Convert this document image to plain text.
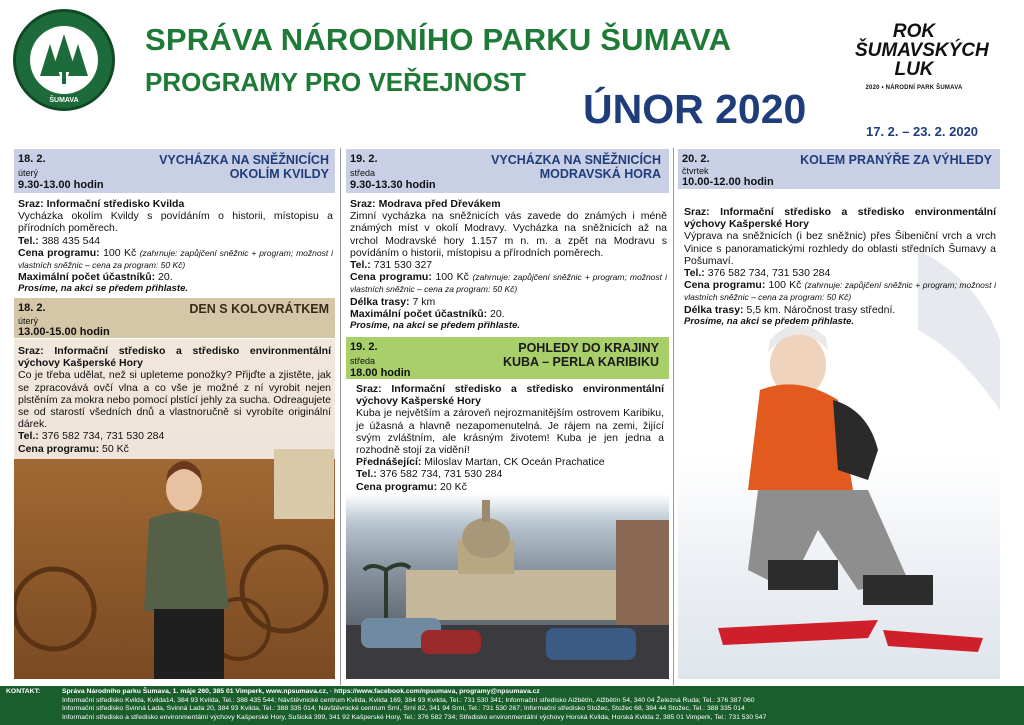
ŠUMAVA
SPRÁVA NÁRODNÍHO PARKU ŠUMAVA
PROGRAMY PRO VEŘEJNOST
ÚNOR 2020
ROK
ŠUMAVSKÝCH
LUK
2020 • NÁRODNÍ PARK ŠUMAVA
17. 2. – 23. 2. 2020
18. 2.
úterý
9.30-13.00 hodin
VYCHÁZKA NA SNĚŽNICÍCH
OKOLÍM KVILDY
Sraz: Informační středisko Kvilda
Vycházka okolím Kvildy s povídáním o historii, místopisu a přírodních poměrech.
Tel.: 388 435 544
Cena programu: 100 Kč (zahrnuje: zapůjčení sněžnic + program; možnost i vlastních sněžnic – cena za program: 50 Kč)
Maximální počet účastníků: 20.
Prosíme, na akci se předem přihlaste.
18. 2.
úterý
13.00-15.00 hodin
DEN S KOLOVRÁTKEM
Sraz: Informační středisko a středisko environmentální výchovy Kašperské Hory
Co je třeba udělat, než si upleteme ponožky? Přijďte a zjistěte, jak se zpracovává ovčí vlna a co vše je možné z ní vyrobit nejen plstěním za mokra nebo pomocí plstící jehly za sucha. Odreagujete se od starostí všedních dnů a vlastnoručně si vyrobíte originální dárek.
Tel.: 376 582 734, 731 530 284
Cena programu: 50 Kč
19. 2.
středa
9.30-13.30 hodin
VYCHÁZKA NA SNĚŽNICÍCH
MODRAVSKÁ HORA
Sraz: Modrava před Dřevákem
Zimní vycházka na sněžnicích vás zavede do známých i méně známých míst v okolí Modravy. Vycházka na sněžnicích až na vrchol Modravské hory 1.157 m n. m. a zpět na Modravu s povídáním o historii, místopisu a přírodních poměrech.
Tel.: 731 530 327
Cena programu: 100 Kč (zahrnuje: zapůjčení sněžnic + program; možnost i vlastních sněžnic – cena za program: 50 Kč)
Délka trasy: 7 km
Maximální počet účastníků: 20.
Prosíme, na akci se předem přihlaste.
19. 2.
středa
18.00 hodin
POHLEDY DO KRAJINY
KUBA – PERLA KARIBIKU
Sraz: Informační středisko a středisko environmentální výchovy Kašperské Hory
Kuba je největším a zároveň nejrozmanitějším ostrovem Karibiku, je úžasná a hlavně nezapomenutelná. Je rájem na zemi, žijící svým zvláštním, ale krásným životem! Kuba je jen jedna a rozhodně stojí za vidění!
Přednášející: Miloslav Martan, CK Oceán Prachatice
Tel.: 376 582 734, 731 530 284
Cena programu: 20 Kč
20. 2.
čtvrtek
10.00-12.00 hodin
KOLEM PRANÝŘE ZA VÝHLEDY
Sraz: Informační středisko a středisko environmentální výchovy Kašperské Hory
Výprava na sněžnicích (i bez sněžnic) přes Šibeniční vrch a vrch Vinice s panoramatickými rozhledy do oblasti středních Šumavy a Pošumaví.
Tel.: 376 582 734, 731 530 284
Cena programu: 100 Kč (zahrnuje: zapůjčení sněžnic + program; možnost i vlastních sněžnic – cena za program: 50 Kč)
Délka trasy: 5,5 km. Náročnost trasy střední.
Prosíme, na akci se předem přihlaste.
KONTAKT:	Správa Národního parku Šumava, 1. máje 260, 385 01 Vimperk, www.npsumava.cz, · https://www.facebook.com/npsumava, programy@npsumava.cz
Informační středisko Kvilda, Kvilda14, 384 93 Kvilda, Tel.: 388 435 544; Návštěvnické centrum Kvilda, Kvilda 169, 384 93 Kvilda, Tel.: 731 530 341; Informační středisko Alžbětín, Alžbětín 54, 340 04 Železná Ruda; Tel.: 376 387 060
Informační středisko Svinná Lada, Svinná Lada 20, 384 93 Kvilda, Tel.: 388 335 014; Návštěvnické centrum Srní, Srní 82, 341 94 Srní, Tel.: 731 530 267; Informační středisko Stožec, Stožec 68, 384 44 Stožec, Tel.: 388 335 014
Informační středisko a středisko environmentální výchovy Kašperské Hory, Sušická 399, 341 92 Kašperské Hory, Tel.: 376 582 734; Středisko environmentální výchovy Horská Kvilda, Horská Kvilda 2, 385 01 Vimperk, Tel.: 731 530 547
